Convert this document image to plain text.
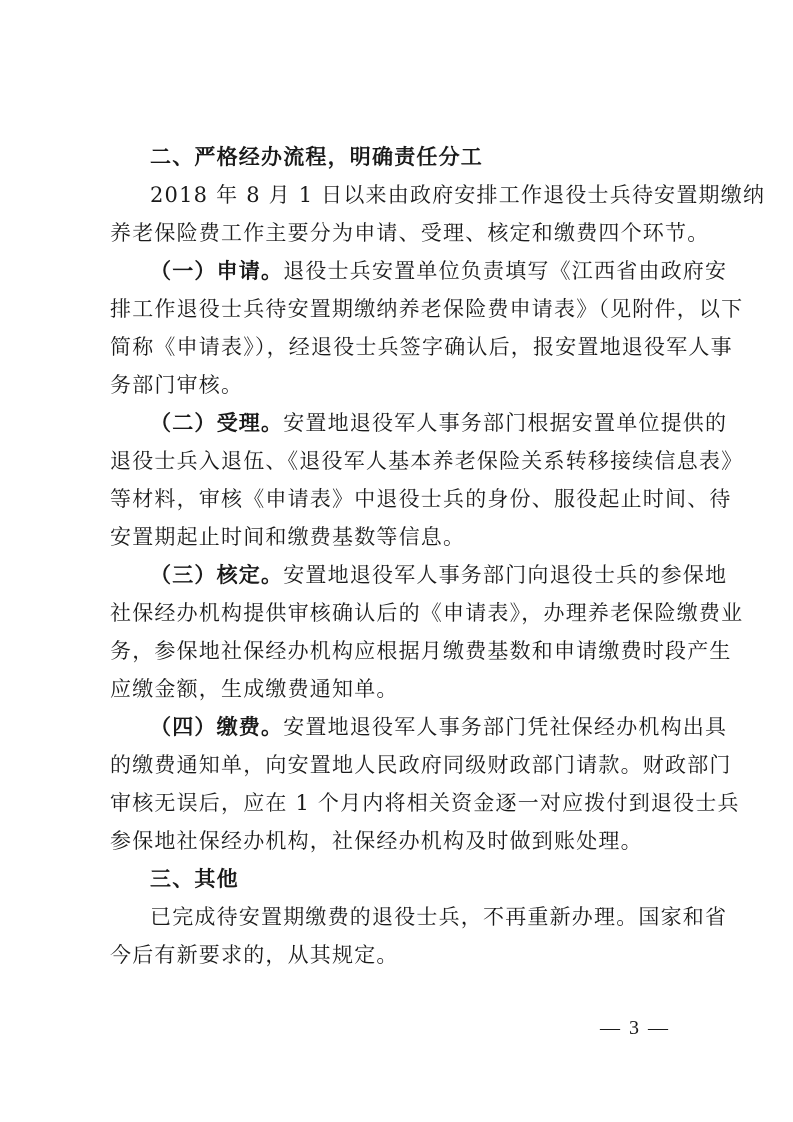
二、严格经办流程，明确责任分工
2018 年 8 月 1 日以来由政府安排工作退役士兵待安置期缴纳
养老保险费工作主要分为申请、受理、核定和缴费四个环节。
（一）申请。退役士兵安置单位负责填写《江西省由政府安
排工作退役士兵待安置期缴纳养老保险费申请表》（见附件，以下
简称《申请表》），经退役士兵签字确认后，报安置地退役军人事
务部门审核。
（二）受理。安置地退役军人事务部门根据安置单位提供的
退役士兵入退伍、《退役军人基本养老保险关系转移接续信息表》
等材料，审核《申请表》中退役士兵的身份、服役起止时间、待
安置期起止时间和缴费基数等信息。
（三）核定。安置地退役军人事务部门向退役士兵的参保地
社保经办机构提供审核确认后的《申请表》，办理养老保险缴费业
务，参保地社保经办机构应根据月缴费基数和申请缴费时段产生
应缴金额，生成缴费通知单。
（四）缴费。安置地退役军人事务部门凭社保经办机构出具
的缴费通知单，向安置地人民政府同级财政部门请款。财政部门
审核无误后，应在 1 个月内将相关资金逐一对应拨付到退役士兵
参保地社保经办机构，社保经办机构及时做到账处理。
三、其他
已完成待安置期缴费的退役士兵，不再重新办理。国家和省
今后有新要求的，从其规定。
— 3 —
